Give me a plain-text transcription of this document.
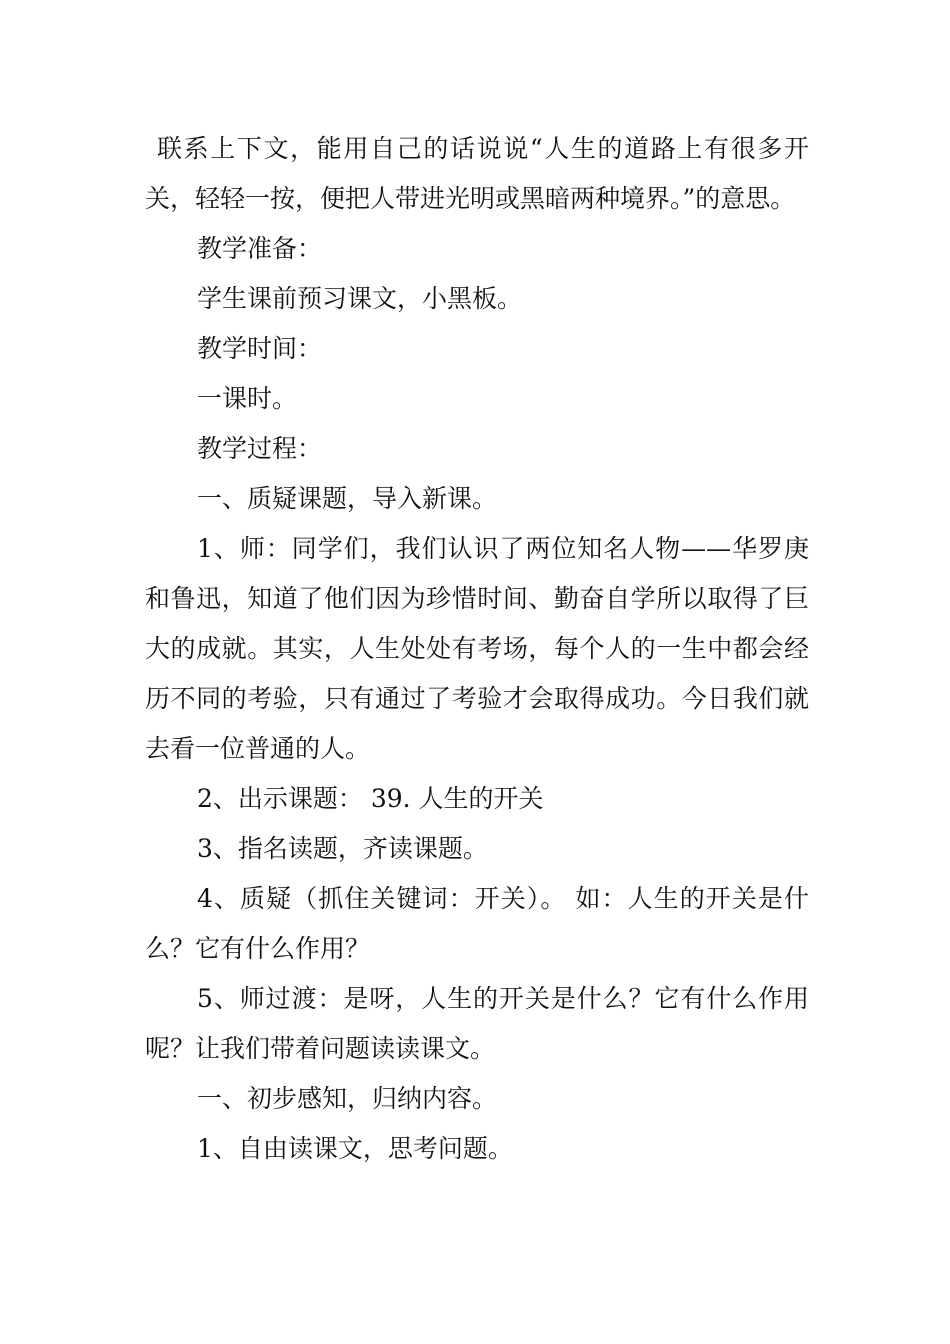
联系上下文，能用自己的话说说“人生的道路上有很多开关，轻轻一按，便把人带进光明或黑暗两种境界。”的意思。

教学准备：

学生课前预习课文，小黑板。

教学时间：

一课时。

教学过程：

一、质疑课题，导入新课。

1、师：同学们，我们认识了两位知名人物——华罗庚和鲁迅，知道了他们因为珍惜时间、勤奋自学所以取得了巨大的成就。其实，人生处处有考场，每个人的一生中都会经历不同的考验，只有通过了考验才会取得成功。今日我们就去看一位普通的人。

2、出示课题： 39. 人生的开关

3、指名读题，齐读课题。

4、质疑（抓住关键词：开关）。 如：人生的开关是什么？它有什么作用？

5、师过渡：是呀，人生的开关是什么？它有什么作用呢？让我们带着问题读读课文。

一、初步感知，归纳内容。

1、自由读课文，思考问题。
